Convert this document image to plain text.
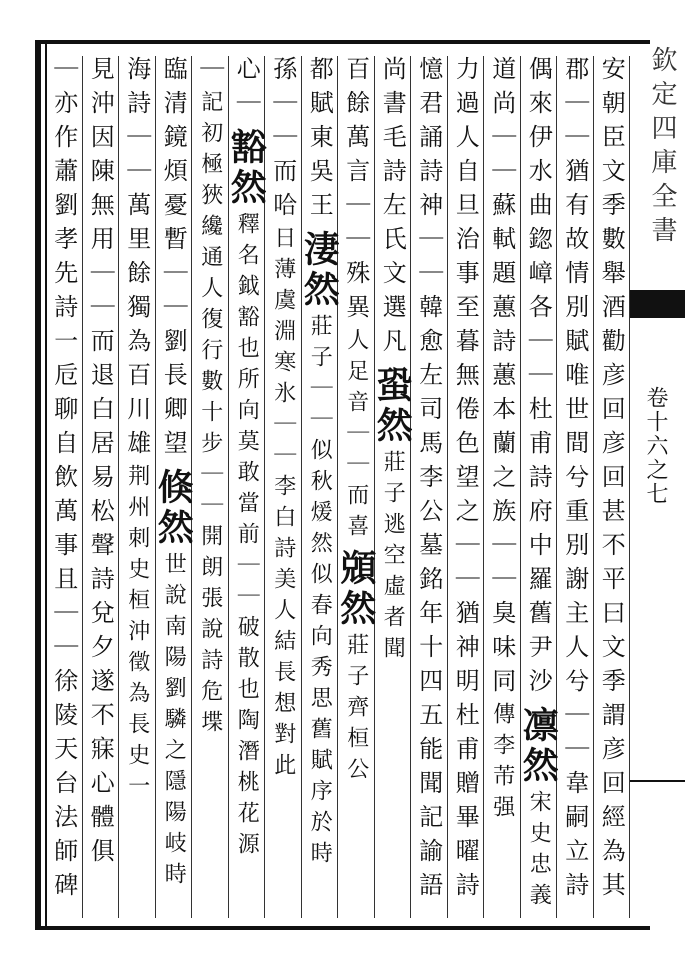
欽定四庫全書
卷十六之七
安朝臣文季數舉酒勸彦回彦回甚不平曰文季謂彦回經為其
郡｜｜猶有故情別賦唯世間兮重別謝主人兮｜｜韋嗣立詩
偶來伊水曲鍃嶂各｜｜杜甫詩府中羅舊尹沙
凛然
宋史忠義
道尚｜｜蘇軾題蕙詩蕙本蘭之族｜｜臭味同
傳李芾强
力過人自旦治事至暮無倦色望之｜｜猶神明杜甫贈畢曜詩
憶君誦詩神｜｜韓愈左司馬李公墓銘年十四五能聞記諭語
尚書毛詩左氏文選凡
蛩然
莊子逃空虛者聞
百餘萬言｜｜殊異
人足音｜｜而喜
䫄然
莊子齊桓公
都賦東吳王
淒然
莊子｜｜似秋煖然似春向秀思舊賦序於時
孫｜｜而哈
日薄虞淵寒氷｜｜李白詩美人結長想對此
心｜
豁然
釋名鉞豁也所向莫敢當前｜｜破散也陶潛桃花源
｜
記初極狹纔通人復行數十步｜｜開朗張說詩危堞
臨清鏡煩憂暫｜｜劉長卿望
倏然
世說南陽劉驎之隱陽岐時
海詩｜｜萬里餘獨為百川雄
荆州刺史桓沖徵為長史一
見沖因陳無用｜｜而退白居易松聲詩兌夕遂不寐心體俱
｜亦作蕭劉孝先詩一卮聊自飲萬事且｜｜徐陵天台法師碑
